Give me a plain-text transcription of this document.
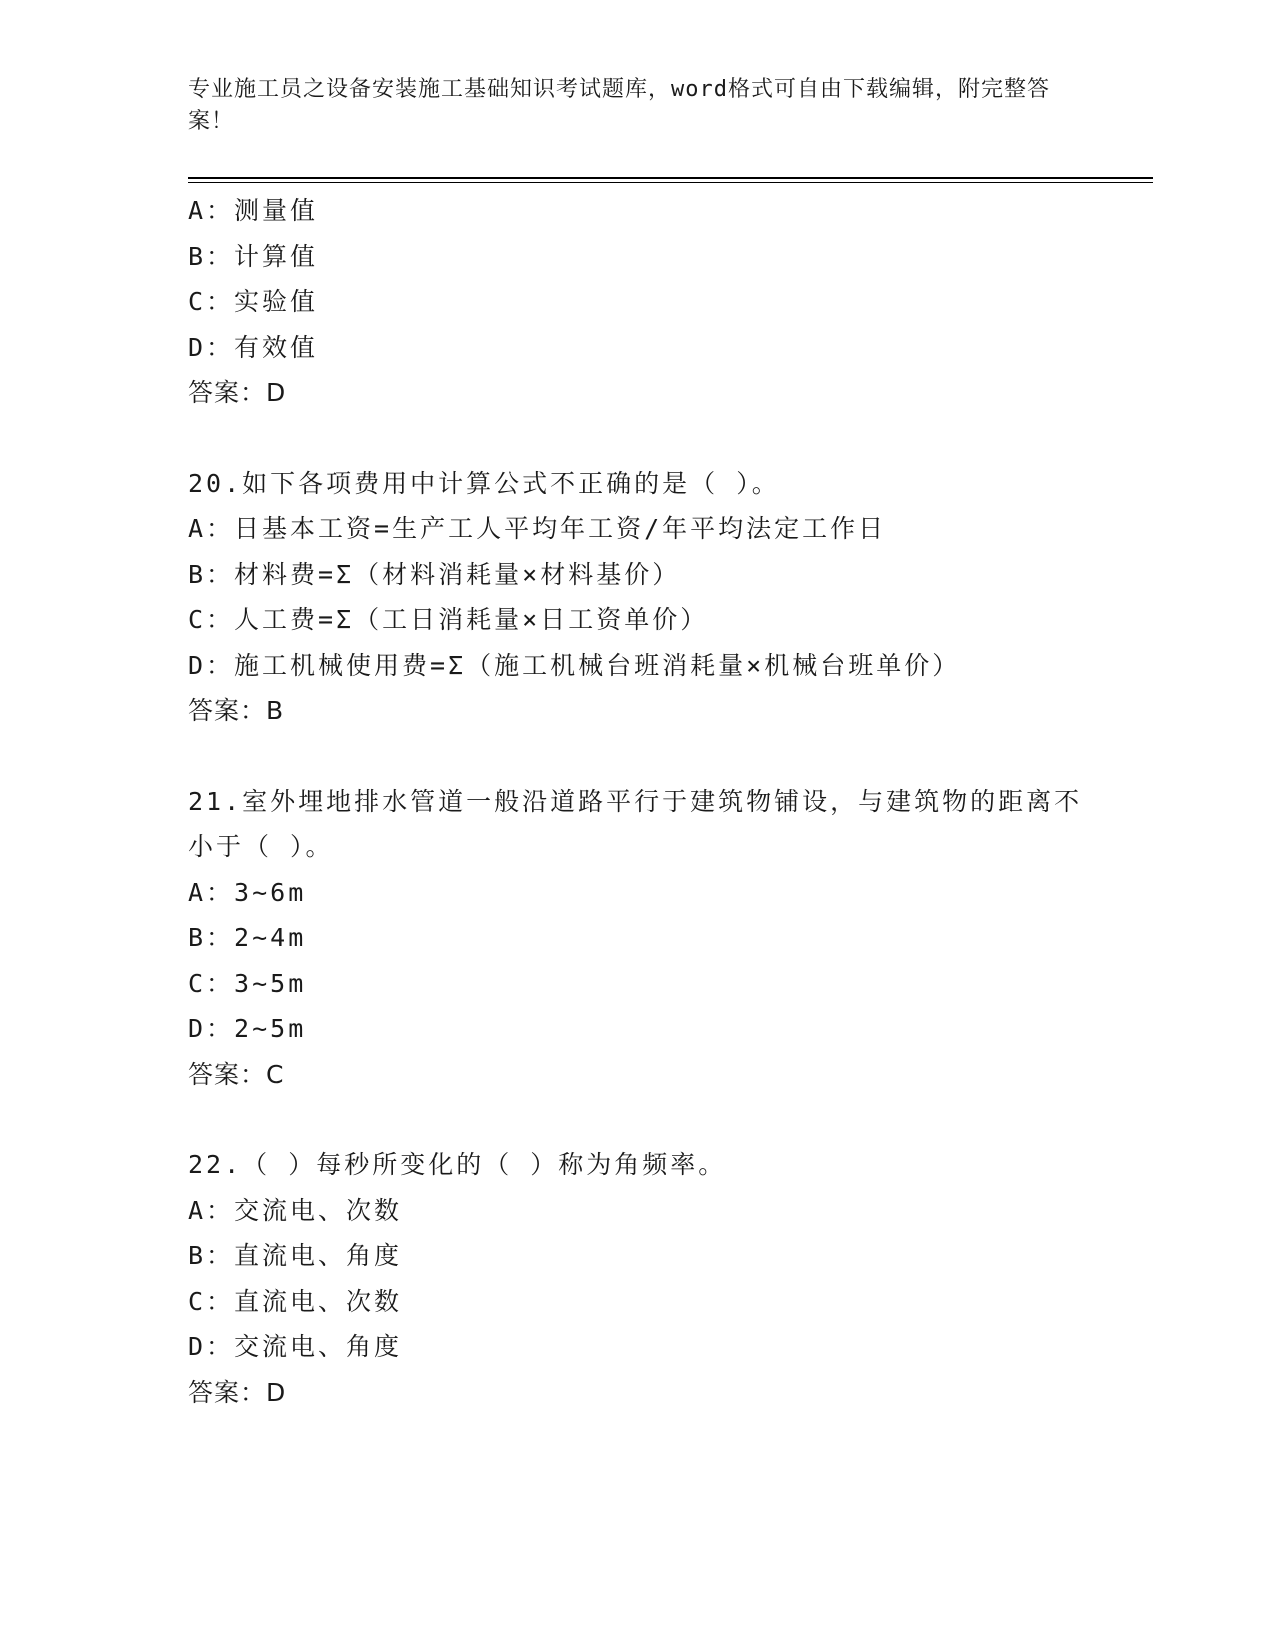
专业施工员之设备安装施工基础知识考试题库，word格式可自由下载编辑，附完整答案！
A：测量值
B：计算值
C：实验值
D：有效值
答案：D
20.如下各项费用中计算公式不正确的是（ ）。
A：日基本工资=生产工人平均年工资/年平均法定工作日
B：材料费=Σ（材料消耗量×材料基价）
C：人工费=Σ（工日消耗量×日工资单价）
D：施工机械使用费=Σ（施工机械台班消耗量×机械台班单价）
答案：B
21.室外埋地排水管道一般沿道路平行于建筑物铺设，与建筑物的距离不小于（ ）。
A：3~6m
B：2~4m
C：3~5m
D：2~5m
答案：C
22.（ ）每秒所变化的（ ）称为角频率。
A：交流电、次数
B：直流电、角度
C：直流电、次数
D：交流电、角度
答案：D
